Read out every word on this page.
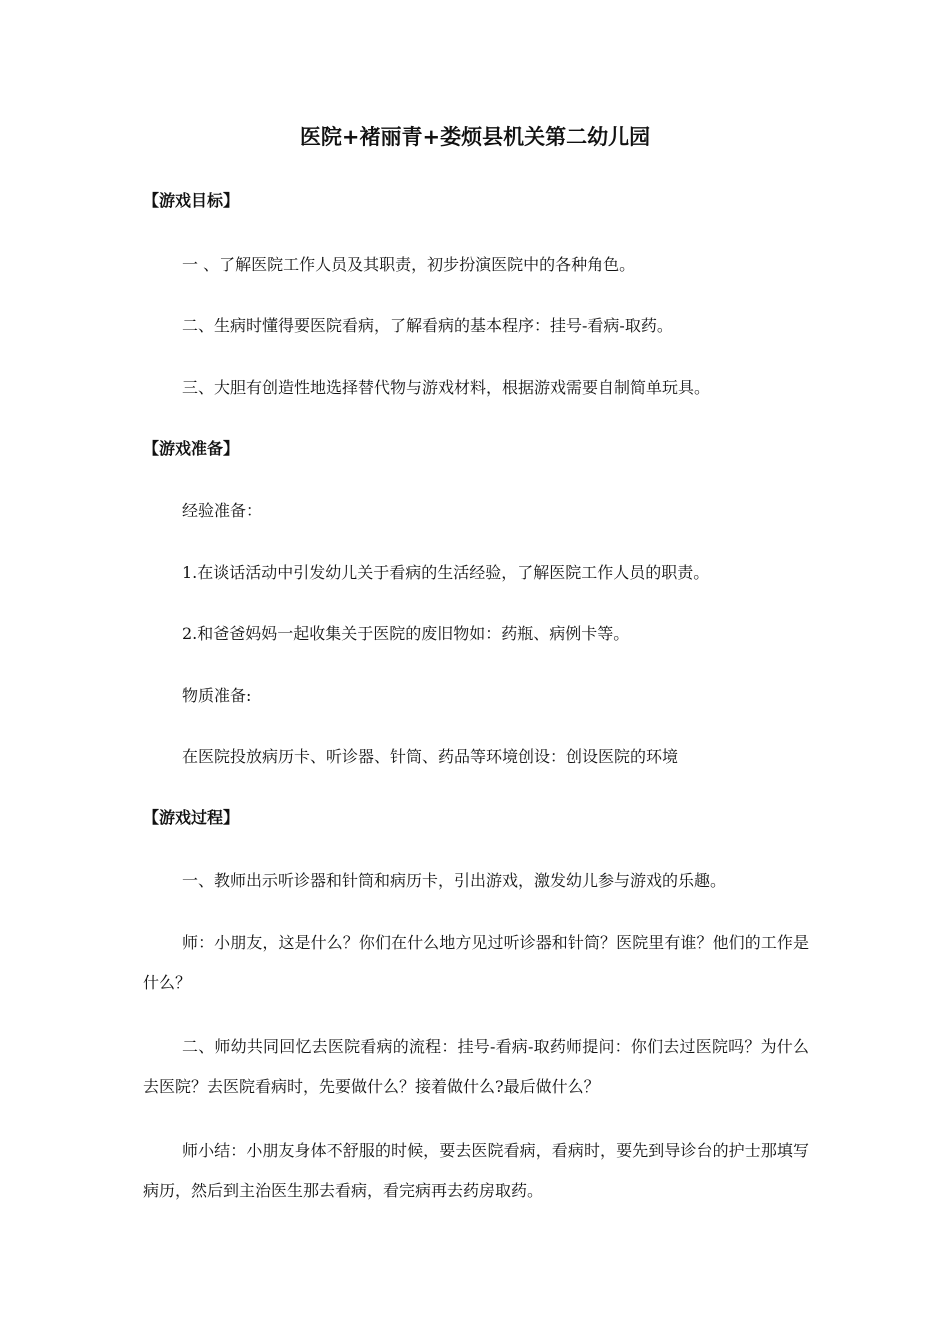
医院+褚丽青+娄烦县机关第二幼儿园
【游戏目标】
一 、了解医院工作人员及其职责，初步扮演医院中的各种角色。
二、生病时懂得要医院看病，了解看病的基本程序：挂号-看病-取药。
三、大胆有创造性地选择替代物与游戏材料，根据游戏需要自制简单玩具。
【游戏准备】
经验准备：
1.在谈话活动中引发幼儿关于看病的生活经验，了解医院工作人员的职责。
2.和爸爸妈妈一起收集关于医院的废旧物如：药瓶、病例卡等。
物质准备:
在医院投放病历卡、听诊器、针筒、药品等环境创设：创设医院的环境
【游戏过程】
一、教师出示听诊器和针筒和病历卡，引出游戏，激发幼儿参与游戏的乐趣。
师：小朋友，这是什么？你们在什么地方见过听诊器和针筒？医院里有谁？他们的工作是什么？
二、师幼共同回忆去医院看病的流程：挂号-看病-取药师提问：你们去过医院吗？为什么去医院？去医院看病时，先要做什么？接着做什么?最后做什么？
师小结：小朋友身体不舒服的时候，要去医院看病，看病时，要先到导诊台的护士那填写病历，然后到主治医生那去看病，看完病再去药房取药。
